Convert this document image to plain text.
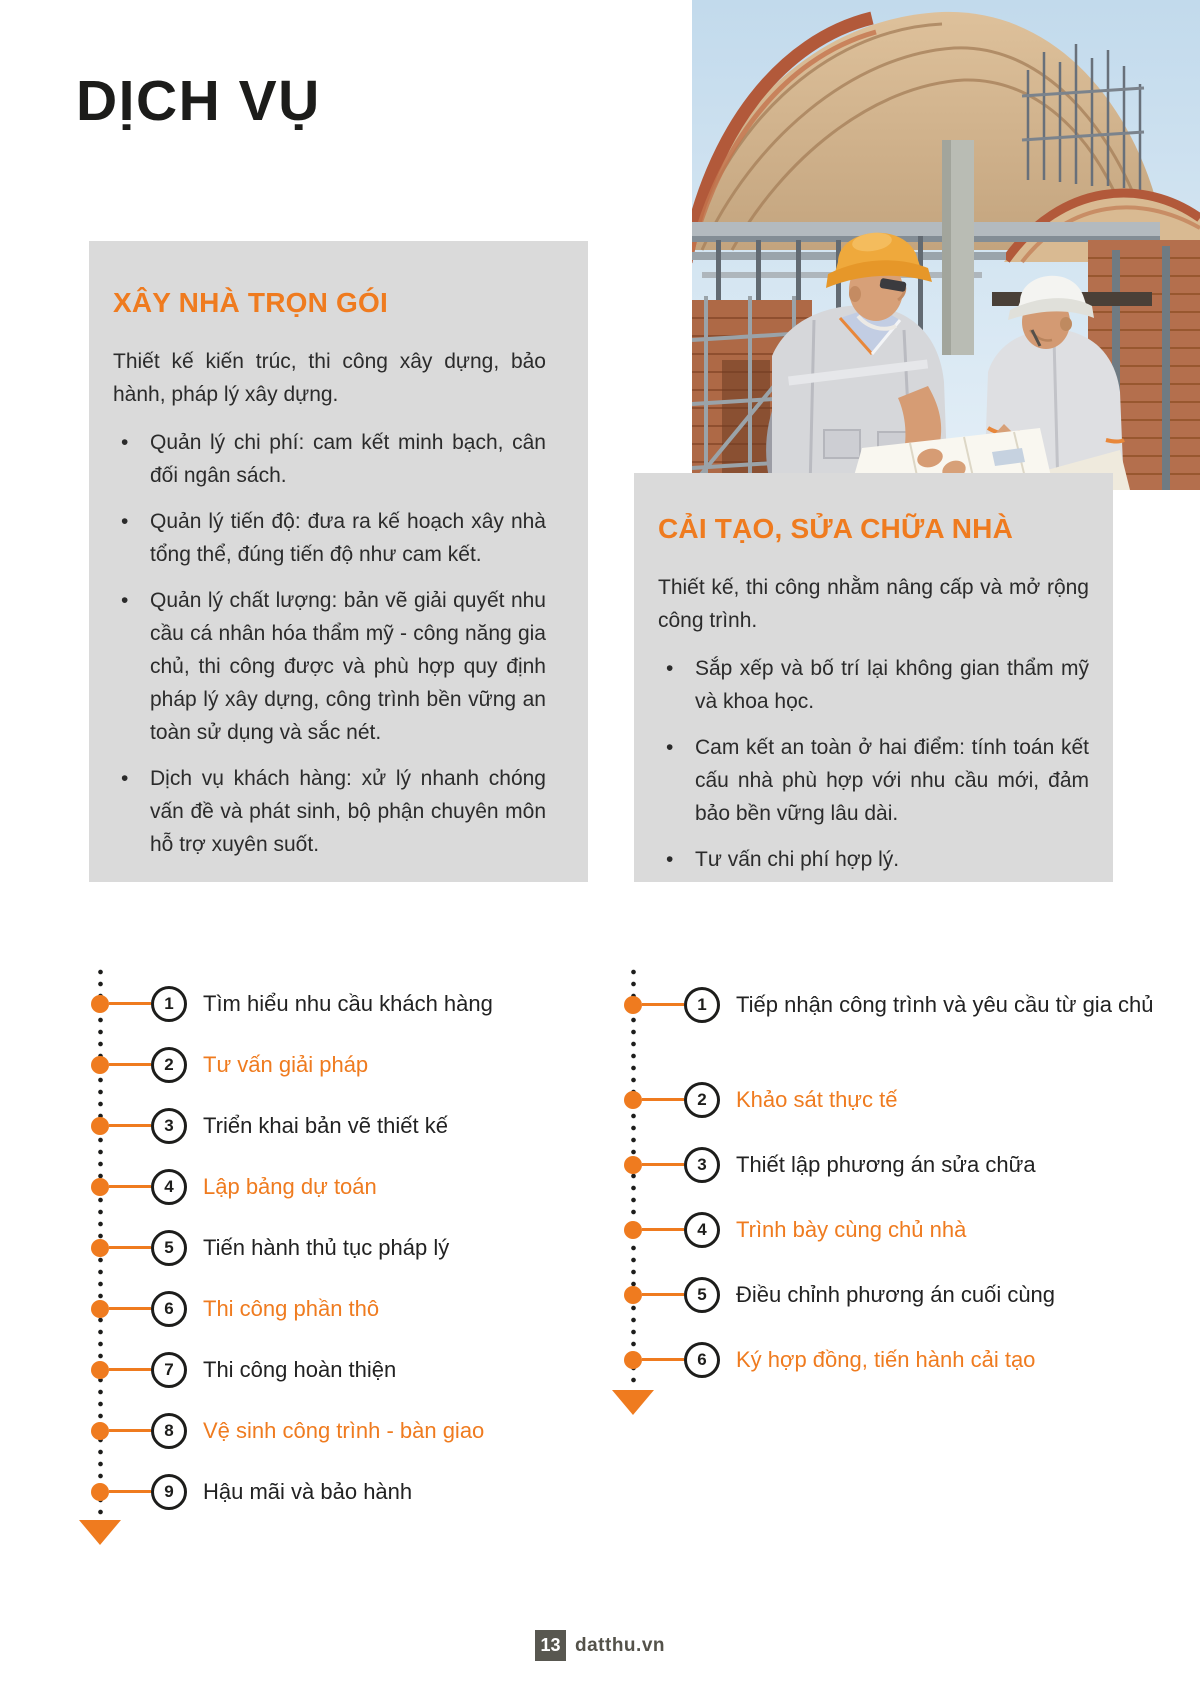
DỊCH VỤ
XÂY NHÀ TRỌN GÓI

Thiết kế kiến trúc, thi công xây dựng, bảo hành, pháp lý xây dựng.

• Quản lý chi phí: cam kết minh bạch, cân đối ngân sách.
• Quản lý tiến độ: đưa ra kế hoạch xây nhà tổng thể, đúng tiến độ như cam kết.
• Quản lý chất lượng: bản vẽ giải quyết nhu cầu cá nhân hóa thẩm mỹ - công năng gia chủ, thi công được và phù hợp quy định pháp lý xây dựng, công trình bền vững an toàn sử dụng và sắc nét.
• Dịch vụ khách hàng: xử lý nhanh chóng vấn đề và phát sinh, bộ phận chuyên môn hỗ trợ xuyên suốt.
CẢI TẠO, SỬA CHỮA NHÀ

Thiết kế, thi công nhằm nâng cấp và mở rộng công trình.

• Sắp xếp và bố trí lại không gian thẩm mỹ và khoa học.
• Cam kết an toàn ở hai điểm: tính toán kết cấu nhà phù hợp với nhu cầu mới, đảm bảo bền vững lâu dài.
• Tư vấn chi phí hợp lý.
1	Tìm hiểu nhu cầu khách hàng
2	Tư vấn giải pháp
3	Triển khai bản vẽ thiết kế
4	Lập bảng dự toán
5	Tiến hành thủ tục pháp lý
6	Thi công phần thô
7	Thi công hoàn thiện
8	Vệ sinh công trình - bàn giao
9	Hậu mãi và bảo hành
1	Tiếp nhận công trình và yêu cầu từ gia chủ
2	Khảo sát thực tế
3	Thiết lập phương án sửa chữa
4	Trình bày cùng chủ nhà
5	Điều chỉnh phương án cuối cùng
6	Ký hợp đồng, tiến hành cải tạo
13 datthu.vn
